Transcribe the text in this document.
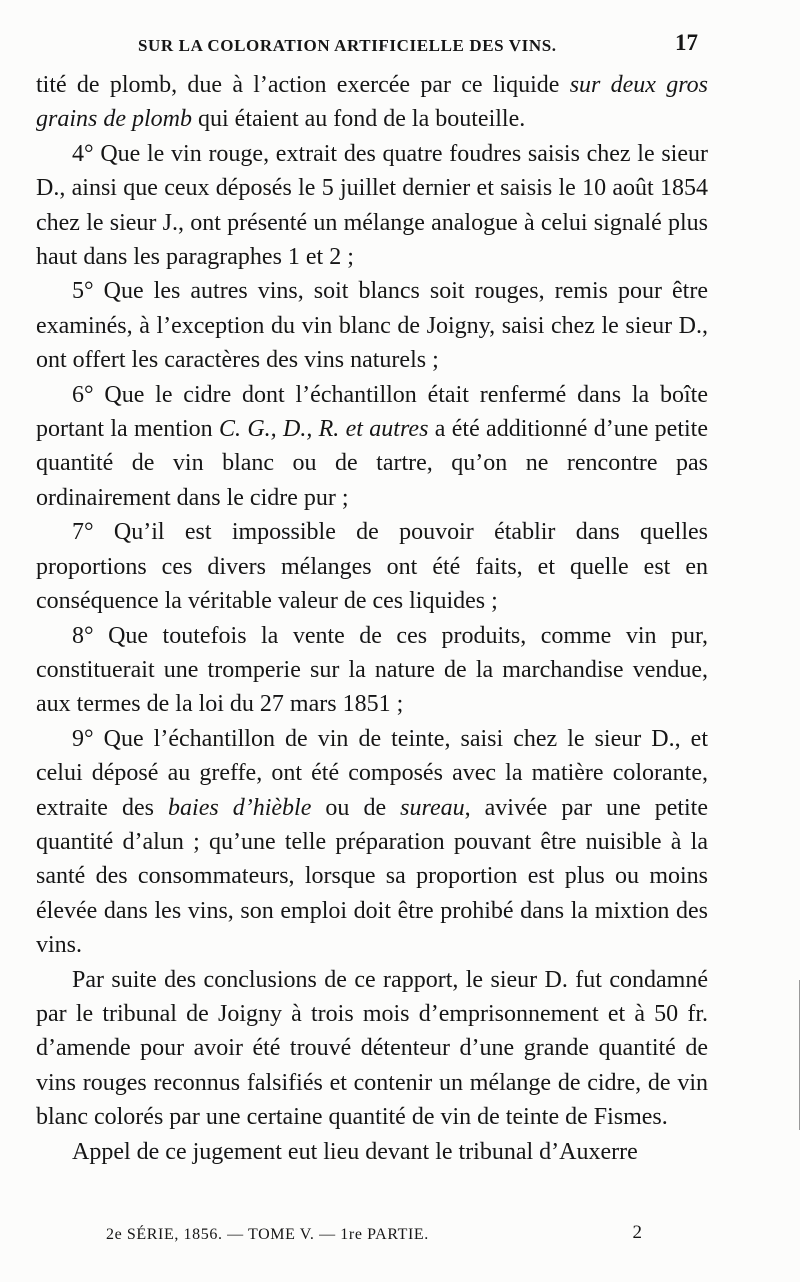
SUR LA COLORATION ARTIFICIELLE DES VINS.	17

tité de plomb, due à l’action exercée par ce liquide sur deux gros grains de plomb qui étaient au fond de la bouteille.

4° Que le vin rouge, extrait des quatre foudres saisis chez le sieur D., ainsi que ceux déposés le 5 juillet dernier et saisis le 10 août 1854 chez le sieur J., ont présenté un mélange analogue à celui signalé plus haut dans les paragraphes 1 et 2 ;

5° Que les autres vins, soit blancs soit rouges, remis pour être examinés, à l’exception du vin blanc de Joigny, saisi chez le sieur D., ont offert les caractères des vins naturels ;

6° Que le cidre dont l’échantillon était renfermé dans la boîte portant la mention C. G., D., R. et autres a été additionné d’une petite quantité de vin blanc ou de tartre, qu’on ne rencontre pas ordinairement dans le cidre pur ;

7° Qu’il est impossible de pouvoir établir dans quelles proportions ces divers mélanges ont été faits, et quelle est en conséquence la véritable valeur de ces liquides ;

8° Que toutefois la vente de ces produits, comme vin pur, constituerait une tromperie sur la nature de la marchandise vendue, aux termes de la loi du 27 mars 1851 ;

9° Que l’échantillon de vin de teinte, saisi chez le sieur D., et celui déposé au greffe, ont été composés avec la matière colorante, extraite des baies d’hièble ou de sureau, avivée par une petite quantité d’alun ; qu’une telle préparation pouvant être nuisible à la santé des consommateurs, lorsque sa proportion est plus ou moins élevée dans les vins, son emploi doit être prohibé dans la mixtion des vins.

Par suite des conclusions de ce rapport, le sieur D. fut condamné par le tribunal de Joigny à trois mois d’emprisonnement et à 50 fr. d’amende pour avoir été trouvé détenteur d’une grande quantité de vins rouges reconnus falsifiés et contenir un mélange de cidre, de vin blanc colorés par une certaine quantité de vin de teinte de Fismes.

Appel de ce jugement eut lieu devant le tribunal d’Auxerre

2e SÉRIE, 1856. — TOME V. — 1re PARTIE.	2
